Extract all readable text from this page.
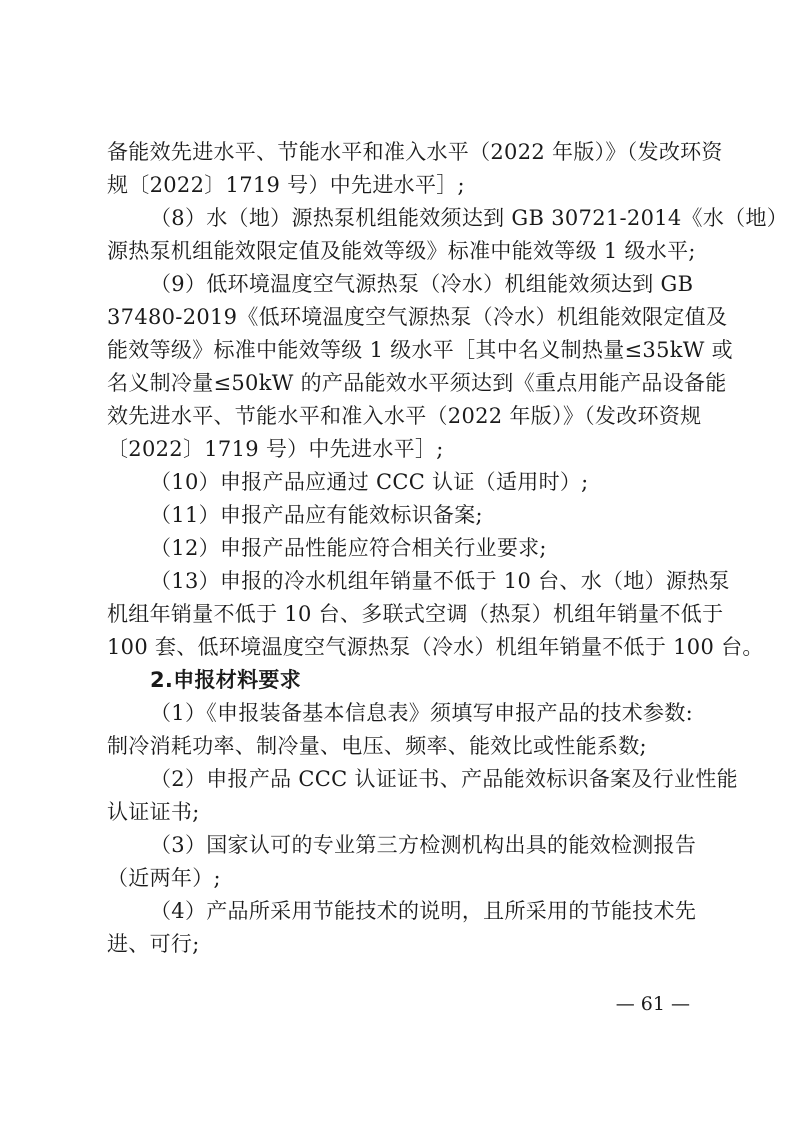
备能效先进水平、节能水平和准入水平（2022 年版）》（发改环资
规〔2022〕1719 号）中先进水平］;
（8）水（地）源热泵机组能效须达到 GB 30721-2014《水（地）
源热泵机组能效限定值及能效等级》标准中能效等级 1 级水平;
（9）低环境温度空气源热泵（冷水）机组能效须达到 GB
37480-2019《低环境温度空气源热泵（冷水）机组能效限定值及
能效等级》标准中能效等级 1 级水平［其中名义制热量≤35kW 或
名义制冷量≤50kW 的产品能效水平须达到《重点用能产品设备能
效先进水平、节能水平和准入水平（2022 年版）》（发改环资规
〔2022〕1719 号）中先进水平］;
（10）申报产品应通过 CCC 认证（适用时）;
（11）申报产品应有能效标识备案;
（12）申报产品性能应符合相关行业要求;
（13）申报的冷水机组年销量不低于 10 台、水（地）源热泵
机组年销量不低于 10 台、多联式空调（热泵）机组年销量不低于
100 套、低环境温度空气源热泵（冷水）机组年销量不低于 100 台。
2.申报材料要求
（1）《申报装备基本信息表》须填写申报产品的技术参数:
制冷消耗功率、制冷量、电压、频率、能效比或性能系数;
（2）申报产品 CCC 认证证书、产品能效标识备案及行业性能
认证证书;
（3）国家认可的专业第三方检测机构出具的能效检测报告
（近两年）;
（4）产品所采用节能技术的说明，且所采用的节能技术先
进、可行;
— 61 —
